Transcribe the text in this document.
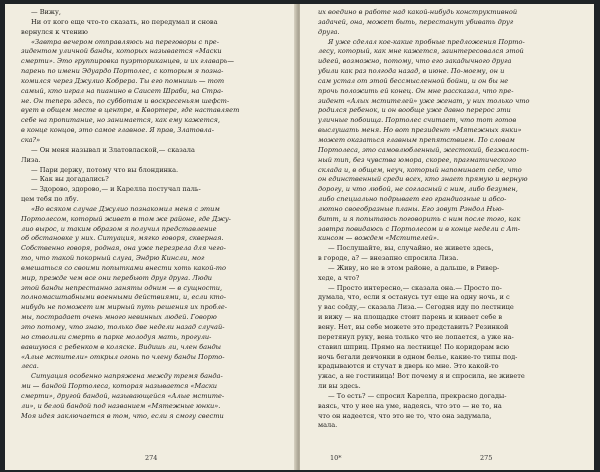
— Вижу,
Ни от кого еще что-то сказать, но передумал и снова
вернулся к чтению
«Завтра вечером отправляюсь на переговоры с пре-
зидентом уличной банды, которых называется «Маски
смерти». Это группировка пуэрториканцев, и их главарь—
парень по имени Эдуардо Портолес, с которым я позна-
комился через Джулио Кобрера. Ты его помнишь — тот
самый, кто играл на пианино в Саисет Шраби, на Стра-
не. Он теперь здесь, по субботам и воскресеньям шефст-
вует в общем месте в центре, в Квортере, где наставляет
себе на пропитание, но занимается, как ему кажется,
в конце концов, это самое главное. Я прав, Златовла-
ска?»
— Он меня называл и Златовлаской,— сказала
Лиза.
— Пари держу, потому что вы блондинка.
— Как вы догадались?
— Здорово, здорово,— и Карелла постучал паль-
цем тебя по лбу.
«Во всяком случае Джулио познакомил меня с этим
Портолесом, который живет в том же районе, где Джу-
лио вырос, и таким образом я получил представление
об обстановке у них. Ситуация, мягко говоря, скверная.
Собственно говоря, родная, она уже перезрела для чего-
то, что такой покорный слуга, Эндрю Кинсли, мог
вмешаться со своими попытками внести хоть какой-то
мир, прежде чем все они перебьют друг друга. Люди
этой банды непрестанно заняты одним — в сущности,
полномасштабными военными действиями, и, если кто-
нибудь не поможет им мирный путь решения их пробле-
мы, пострадает очень много невинных людей. Говорю
это потому, что знаю, только две недели назад случай-
но стволили смерть в парке молодуя мать, прогули-
вавшуюся с ребенком в коляске. Видишь ли, член банды
«Алые мстители» открыл огонь по члену банды Порто-
леса.
Ситуация особенно напряжена между тремя банда-
ми — бандой Портолеса, которая называется «Маски
смерти», другой бандой, называющейся «Алые мстите-
ли», и белой бандой под названием «Мятежные юнки».
Моя идея заключается в том, что, если я смогу свести
274
их воедино в работе над какой-нибудь конструктивной
задачей, она, может быть, перестанут убивать друг
друга.
Я уже сделал кое-какие пробные предложения Порто-
лесу, который, как мне кажется, заинтересовался этой
идеей, возможно, потому, что его закадычного друга
убили как раз полгода назад, в июне. По-моему, он и
сам устал от этой бессмысленной бойни, и он бы не
прочь положить ей конец. Он мне рассказал, что пре-
зидент «Алых мстителей» уже женат, у них только что
родился ребенок, и он вообще уже давно перерос эти
уличные побоища. Портолес считает, что тот готов
выслушать меня. Но вот президент «Мятежных янки»
может оказаться главным препятствием. По словам
Портолеса, это самовлюбленный, жестокий, безжалост-
ный тип, без чувства юмора, скорее, прагматического
склада и, в общем, неуч, который напоминает себе, что
он единственный среди всех, кто знает прямую и верную
дорогу, и что любой, не согласный с ним, либо безумен,
либо специально подрывает его грандиозные и абсо-
лютно своеобразные планы. Его зовут Рэндол Нью-
битт, и я попытаюсь поговорить с ним после того, как
завтра повидаюсь с Портолесом и в конце недели с Ат-
кинсом — вождем «Мстителей».
— Послушайте, вы, случайно, не живете здесь,
в городе, а? — внезапно спросила Лиза.
— Живу, но не в этом районе, а дальше, в Ривер-
хеде, а что?
— Просто интересно,— сказала она.— Просто по-
думала, что, если я останусь тут еще на одну ночь, и с
у вас соёду,— сказала Лиза.— Сегодня иду по лестнице
и вижу — на площадке стоит парень и кивает себе в
вену. Нет, вы себе можете это представить? Резинкой
перетянул руку, вена только что не лопается, а уже на-
ставил шприц. Прямо на лестнице! По коридорам всю
ночь бегали девчонки в одном белье, какие-то типы под-
крадываются и стучат в дверь ко мне. Это какой-то
ужас, а не гостиница! Вот почему я и спросила, не живете
ли вы здесь.
— То есть? — спросил Карелла, прекрасно догады-
ваясь, что у нее на уме, надеясь, что это — не то, на
что он надеется, что это не то, что она задумала,
мала.
10*	275
